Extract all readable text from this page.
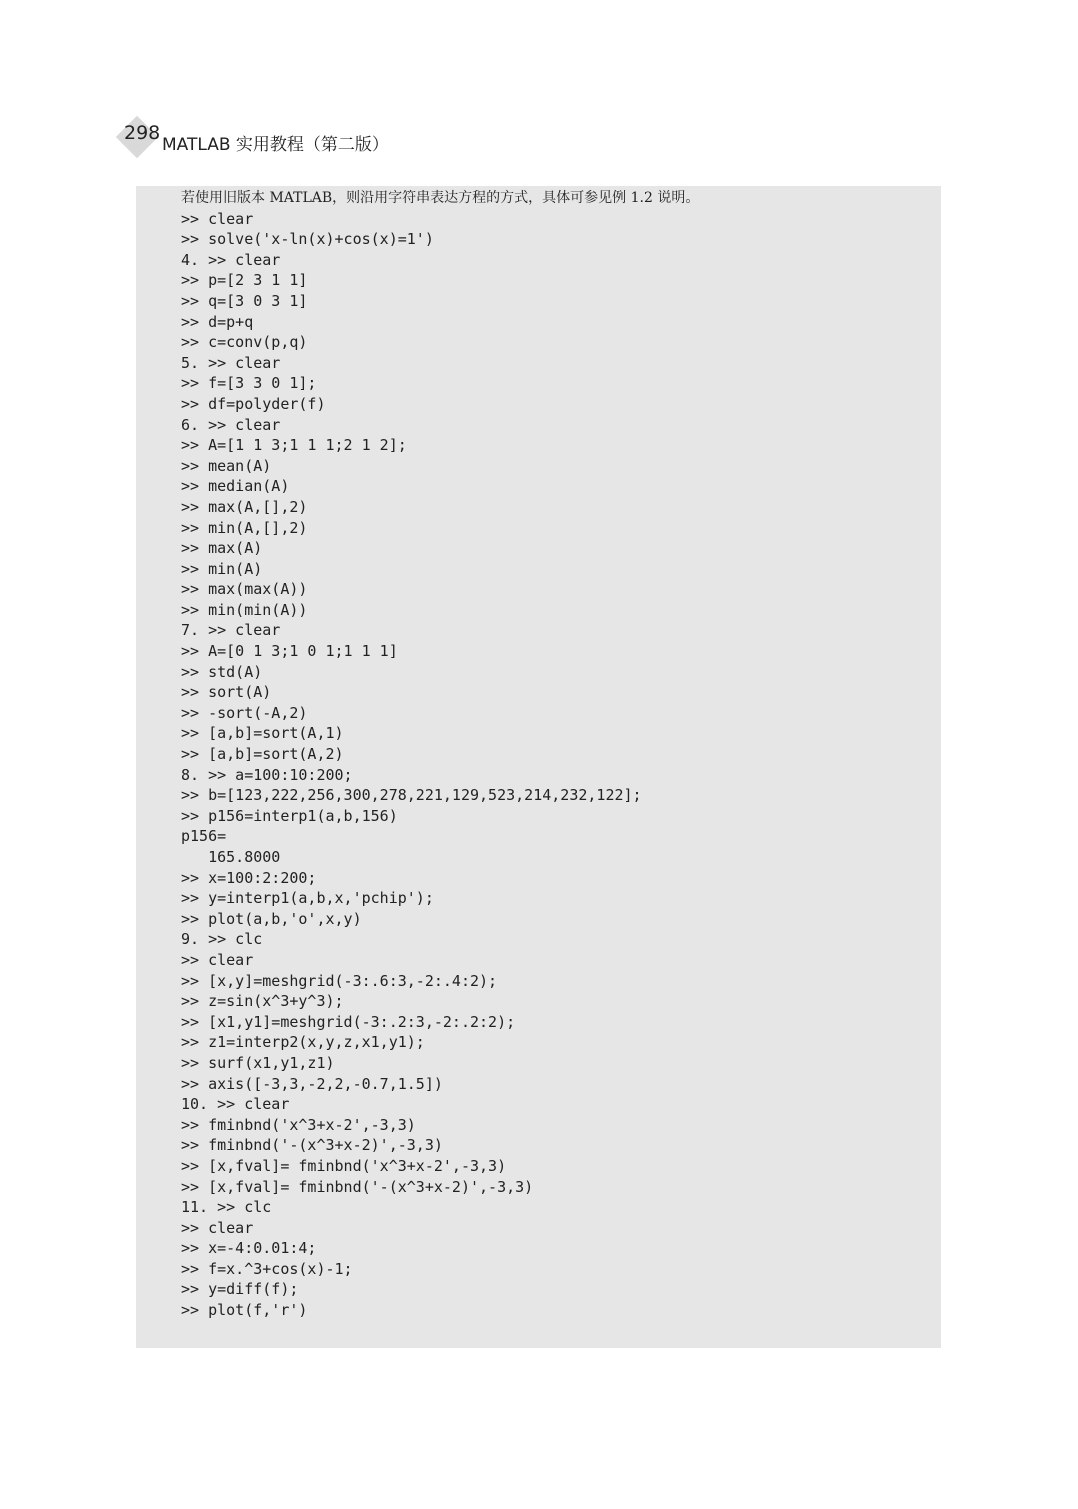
298
MATLAB 实用教程（第二版）
若使用旧版本 MATLAB，则沿用字符串表达方程的方式，具体可参见例 1.2 说明。
>> clear
>> solve('x-ln(x)+cos(x)=1')
4. >> clear
>> p=[2 3 1 1]
>> q=[3 0 3 1]
>> d=p+q
>> c=conv(p,q)
5. >> clear
>> f=[3 3 0 1];
>> df=polyder(f)
6. >> clear
>> A=[1 1 3;1 1 1;2 1 2];
>> mean(A)
>> median(A)
>> max(A,[],2)
>> min(A,[],2)
>> max(A)
>> min(A)
>> max(max(A))
>> min(min(A))
7. >> clear
>> A=[0 1 3;1 0 1;1 1 1]
>> std(A)
>> sort(A)
>> -sort(-A,2)
>> [a,b]=sort(A,1)
>> [a,b]=sort(A,2)
8. >> a=100:10:200;
>> b=[123,222,256,300,278,221,129,523,214,232,122];
>> p156=interp1(a,b,156)
p156=
165.8000
>> x=100:2:200;
>> y=interp1(a,b,x,'pchip');
>> plot(a,b,'o',x,y)
9. >> clc
>> clear
>> [x,y]=meshgrid(-3:.6:3,-2:.4:2);
>> z=sin(x^3+y^3);
>> [x1,y1]=meshgrid(-3:.2:3,-2:.2:2);
>> z1=interp2(x,y,z,x1,y1);
>> surf(x1,y1,z1)
>> axis([-3,3,-2,2,-0.7,1.5])
10. >> clear
>> fminbnd('x^3+x-2',-3,3)
>> fminbnd('-(x^3+x-2)',-3,3)
>> [x,fval]= fminbnd('x^3+x-2',-3,3)
>> [x,fval]= fminbnd('-(x^3+x-2)',-3,3)
11. >> clc
>> clear
>> x=-4:0.01:4;
>> f=x.^3+cos(x)-1;
>> y=diff(f);
>> plot(f,'r')
